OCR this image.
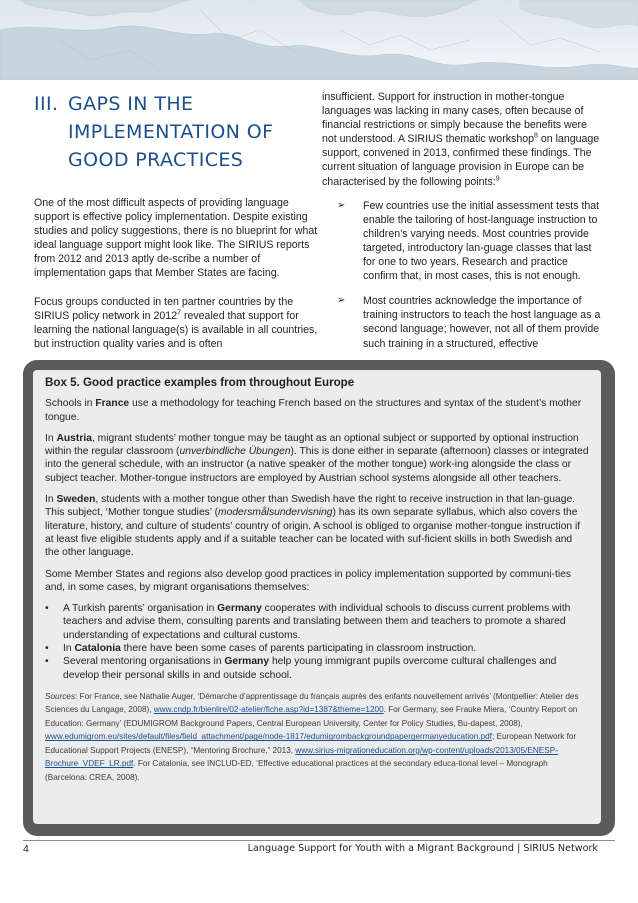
III. GAPS IN THE
IMPLEMENTATION OF
GOOD PRACTICES

One of the most difficult aspects of providing language support is effective policy implementation. Despite existing studies and policy suggestions, there is no blueprint for what ideal language support might look like. The SIRIUS reports from 2012 and 2013 aptly de-scribe a number of implementation gaps that Member States are facing.

Focus groups conducted in ten partner countries by the SIRIUS policy network in 2012$^7$ revealed that support for learning the national language(s) is available in all countries, but instruction quality varies and is often

insufficient. Support for instruction in mother-tongue languages was lacking in many cases, often because of financial restrictions or simply because the benefits were not understood. A SIRIUS thematic workshop$^8$ on language support, convened in 2013, confirmed these findings. The current situation of language provision in Europe can be characterised by the following points:$^9$

➢ Few countries use the initial assessment tests that enable the tailoring of host-language instruction to children’s varying needs. Most countries provide targeted, introductory lan-guage classes that last for one to two years. Research and practice confirm that, in most cases, this is not enough.
➢ Most countries acknowledge the importance of training instructors to teach the host language as a second language; however, not all of them provide such training in a structured, effective

Box 5. Good practice examples from throughout Europe

Schools in France use a methodology for teaching French based on the structures and syntax of the student’s mother tongue.

In Austria, migrant students’ mother tongue may be taught as an optional subject or supported by optional instruction within the regular classroom (unverbindliche Übungen). This is done either in separate (afternoon) classes or integrated into the general schedule, with an instructor (a native speaker of the mother tongue) work-ing alongside the class or subject teacher. Mother-tongue instructors are employed by Austrian school systems alongside all other teachers.

In Sweden, students with a mother tongue other than Swedish have the right to receive instruction in that lan-guage. This subject, ‘Mother tongue studies’ (modersmålsundervisning) has its own separate syllabus, which also covers the literature, history, and culture of students’ country of origin. A school is obliged to organise mother-tongue instruction if at least five eligible students apply and if a suitable teacher can be located with suf-ficient skills in both Swedish and the other language.

Some Member States and regions also develop good practices in policy implementation supported by communi-ties and, in some cases, by migrant organisations themselves:

• A Turkish parents’ organisation in Germany cooperates with individual schools to discuss current problems with teachers and advise them, consulting parents and translating between them and teachers to promote a shared understanding of expectations and cultural customs.
• In Catalonia there have been some cases of parents participating in classroom instruction.
• Several mentoring organisations in Germany help young immigrant pupils overcome cultural challenges and develop their personal skills in and outside school.

Sources: For France, see Nathalie Auger, ‘Démarche d’apprentissage du français auprès des enfants nouvellement arrivés’ (Montpellier: Atelier des Sciences du Langage, 2008), www.cndp.fr/bienlire/02-atelier/fiche.asp?id=1387&theme=1200. For Germany, see Frauke Miera, ‘Country Report on Education: Germany’ (EDUMIGROM Background Papers, Central European University, Center for Policy Studies, Bu-dapest, 2008), www.edumigrom.eu/sites/default/files/field_attachment/page/node-1817/edumigrombackgroundpapergermanyeducation.pdf; European Network for Educational Support Projects (ENESP), “Mentoring Brochure,” 2013, www.sirius-migrationeducation.org/wp-content/uploads/2013/05/ENESP-Brochure_VDEF_LR.pdf. For Catalonia, see INCLUD-ED, ‘Effective educational practices at the secondary educa-tional level – Monograph (Barcelona: CREA, 2008).

4	Language Support for Youth with a Migrant Background | SIRIUS Network
